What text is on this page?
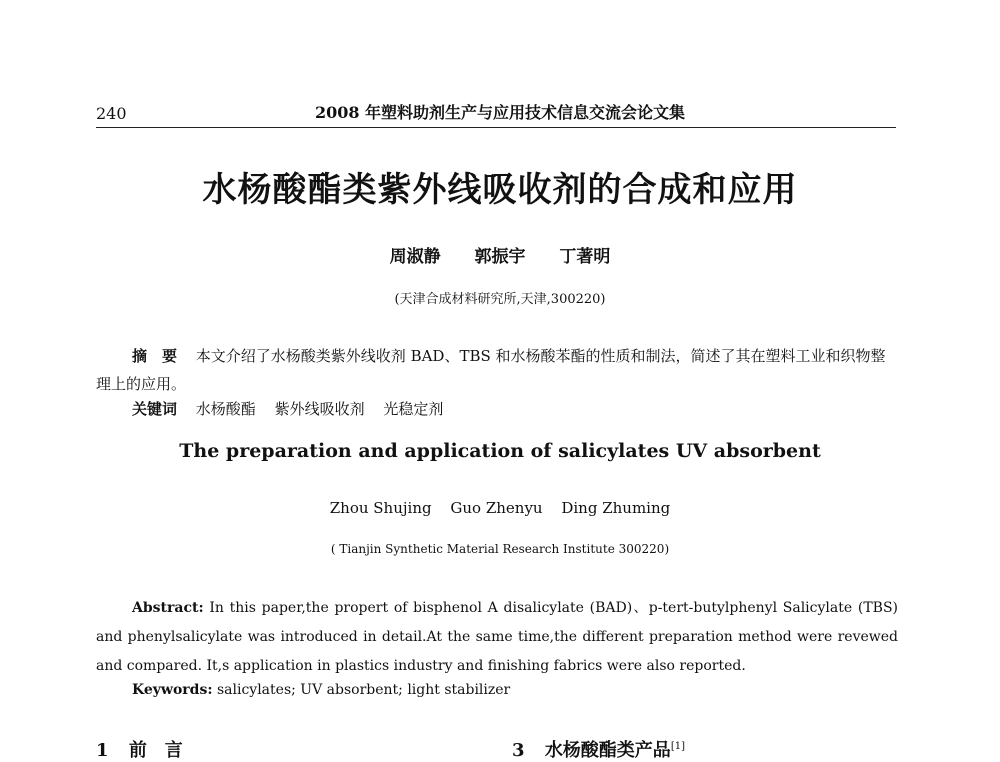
240	2008 年塑料助剂生产与应用技术信息交流会论文集
水杨酸酯类紫外线吸收剂的合成和应用
周淑静 郭振宇 丁著明
(天津合成材料研究所,天津,300220)
摘　要 本文介绍了水杨酸类紫外线收剂 BAD、TBS 和水杨酸苯酯的性质和制法，简述了其在塑料工业和织物整理上的应用。
关键词 水杨酸酯 紫外线吸收剂 光稳定剂
The preparation and application of salicylates UV absorbent
Zhou Shujing Guo Zhenyu Ding Zhuming
( Tianjin Synthetic Material Research Institute 300220)
Abstract: In this paper,the propert of bisphenol A disalicylate (BAD)、p-tert-butylphenyl Salicylate (TBS) and phenylsalicylate was introduced in detail.At the same time,the different preparation method were revewed and compared. It,s application in plastics industry and finishing fabrics were also reported.
Keywords: salicylates; UV absorbent; light stabilizer
1 前　言	3 水杨酸酯类产品[1]
